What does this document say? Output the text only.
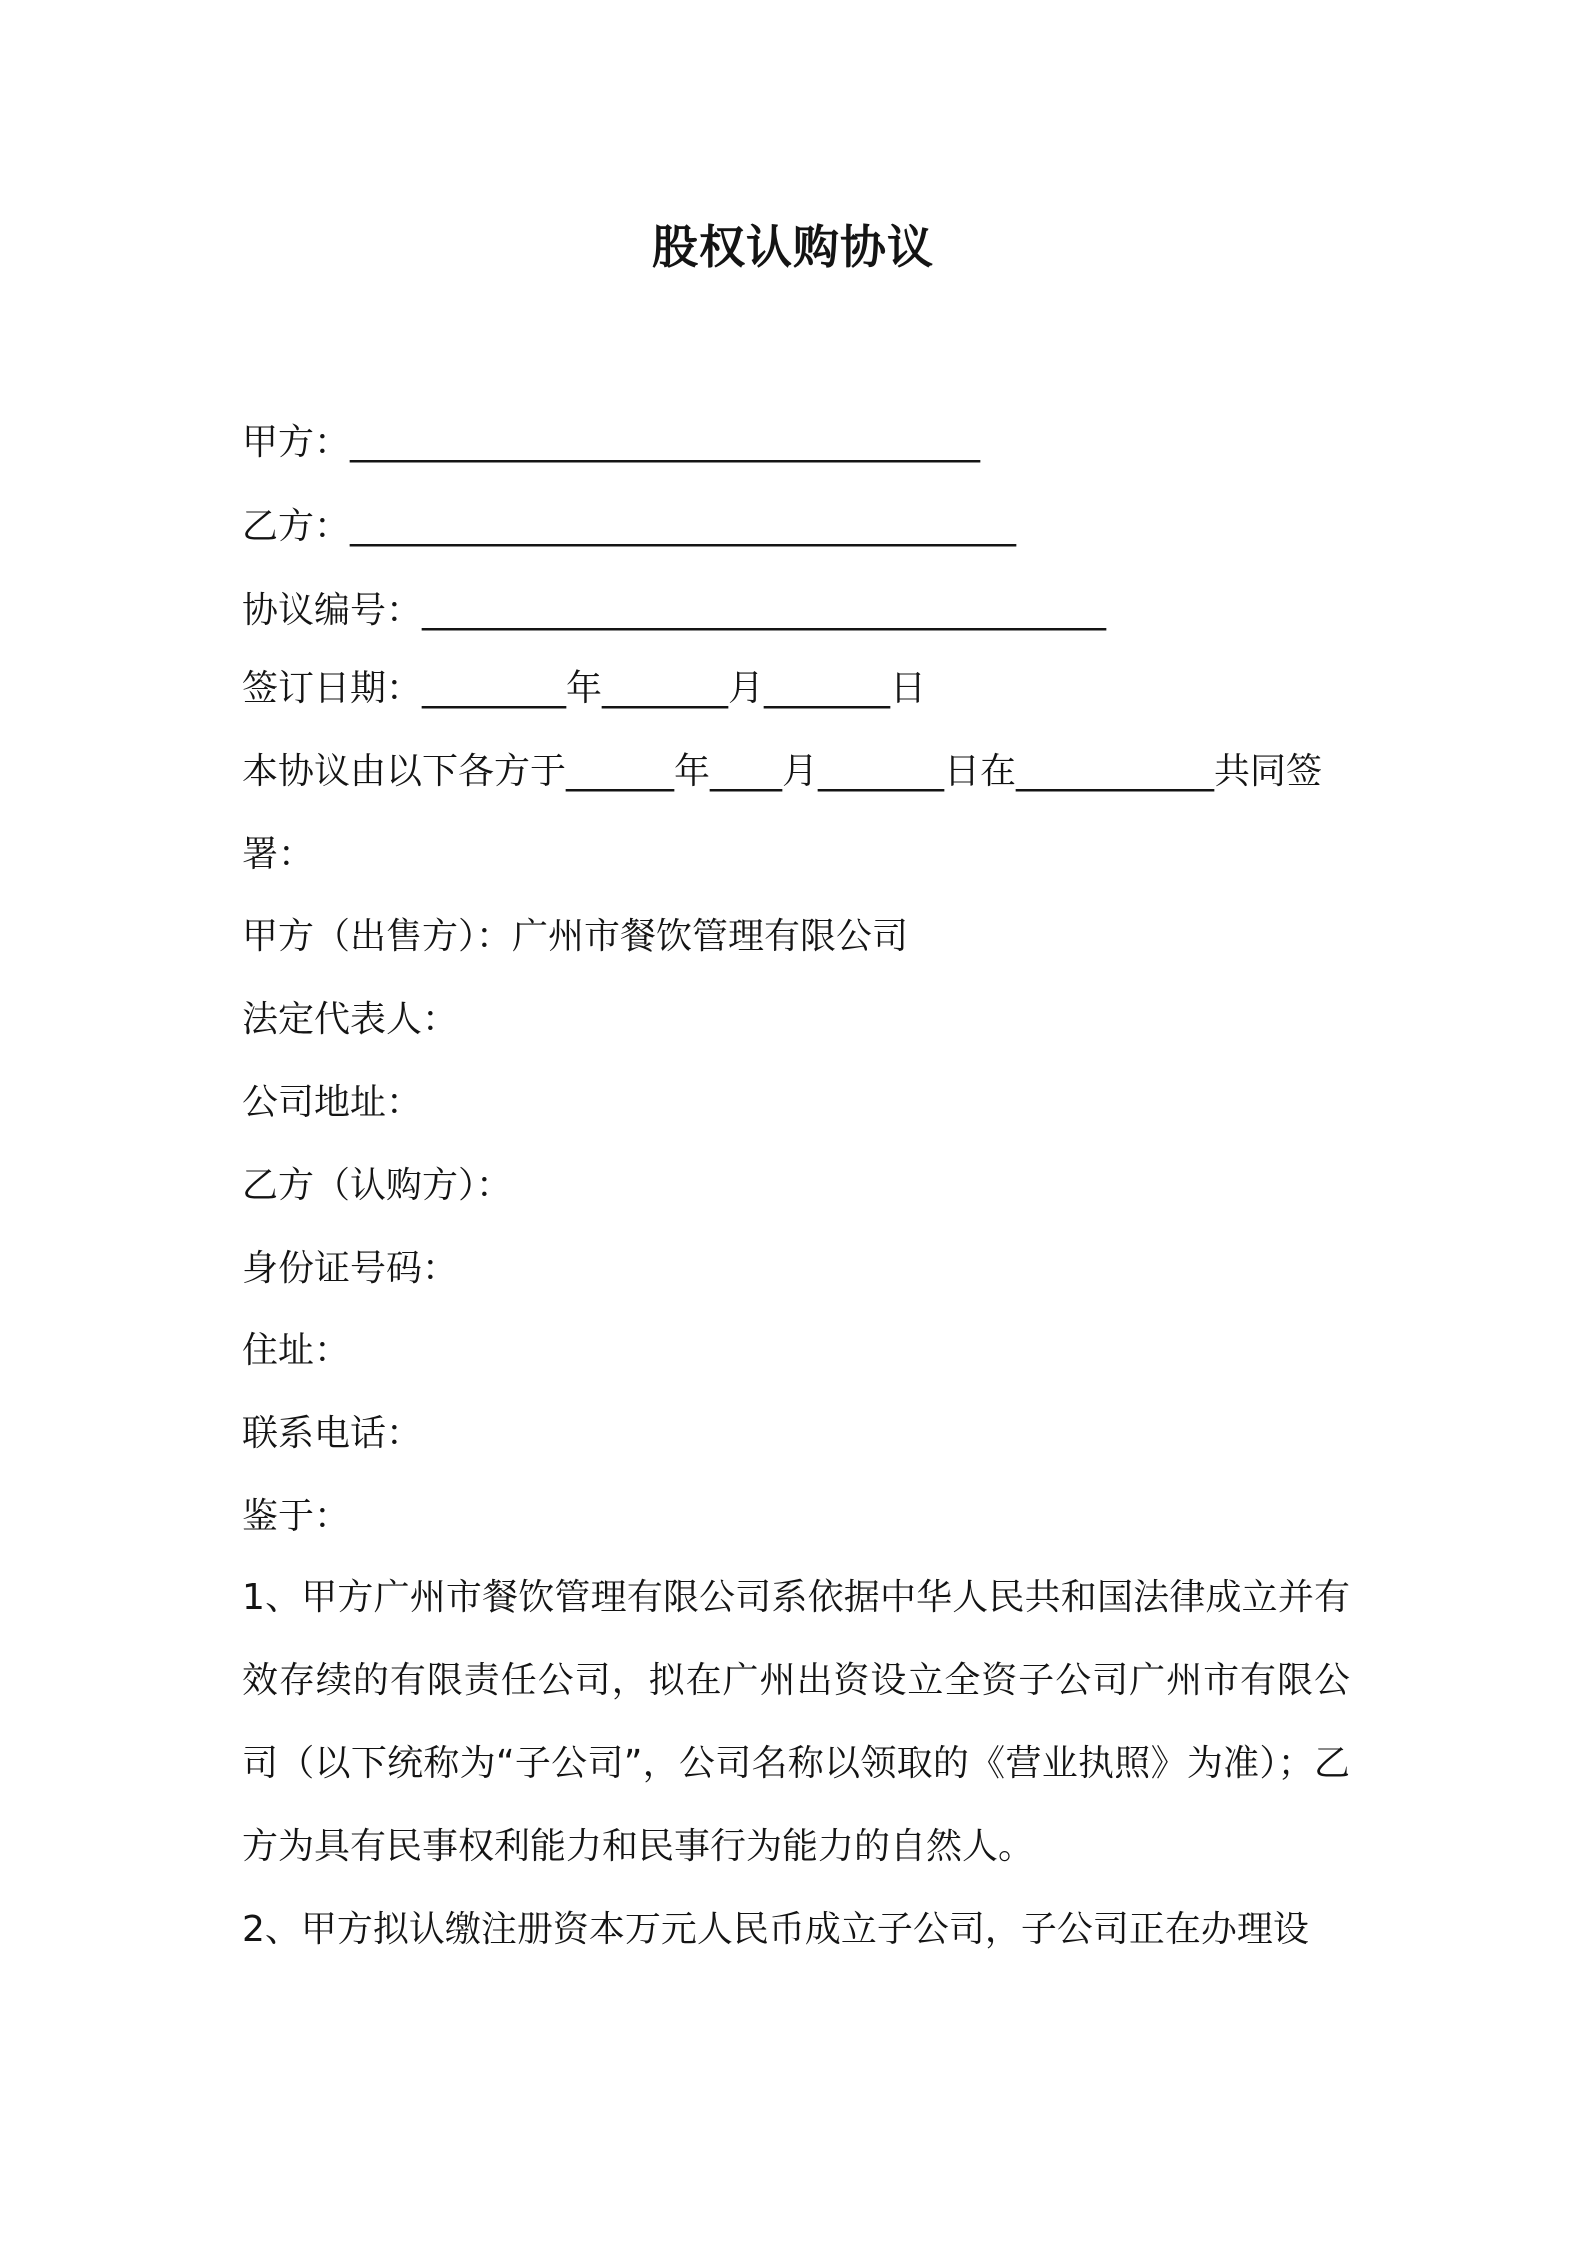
股权认购协议
甲方：___________________________________
乙方：_____________________________________
协议编号：______________________________________
签订日期：________年_______月_______日
本协议由以下各方于______年____月_______日在___________共同签
署：
甲方（出售方）：广州市餐饮管理有限公司
法定代表人：
公司地址：
乙方（认购方）：
身份证号码：
住址：
联系电话：
鉴于：
1、甲方广州市餐饮管理有限公司系依据中华人民共和国法律成立并有效存续的有限责任公司，拟在广州出资设立全资子公司广州市有限公司（以下统称为“子公司”，公司名称以领取的《营业执照》为准）；乙方为具有民事权利能力和民事行为能力的自然人。
2、甲方拟认缴注册资本万元人民币成立子公司，子公司正在办理设
